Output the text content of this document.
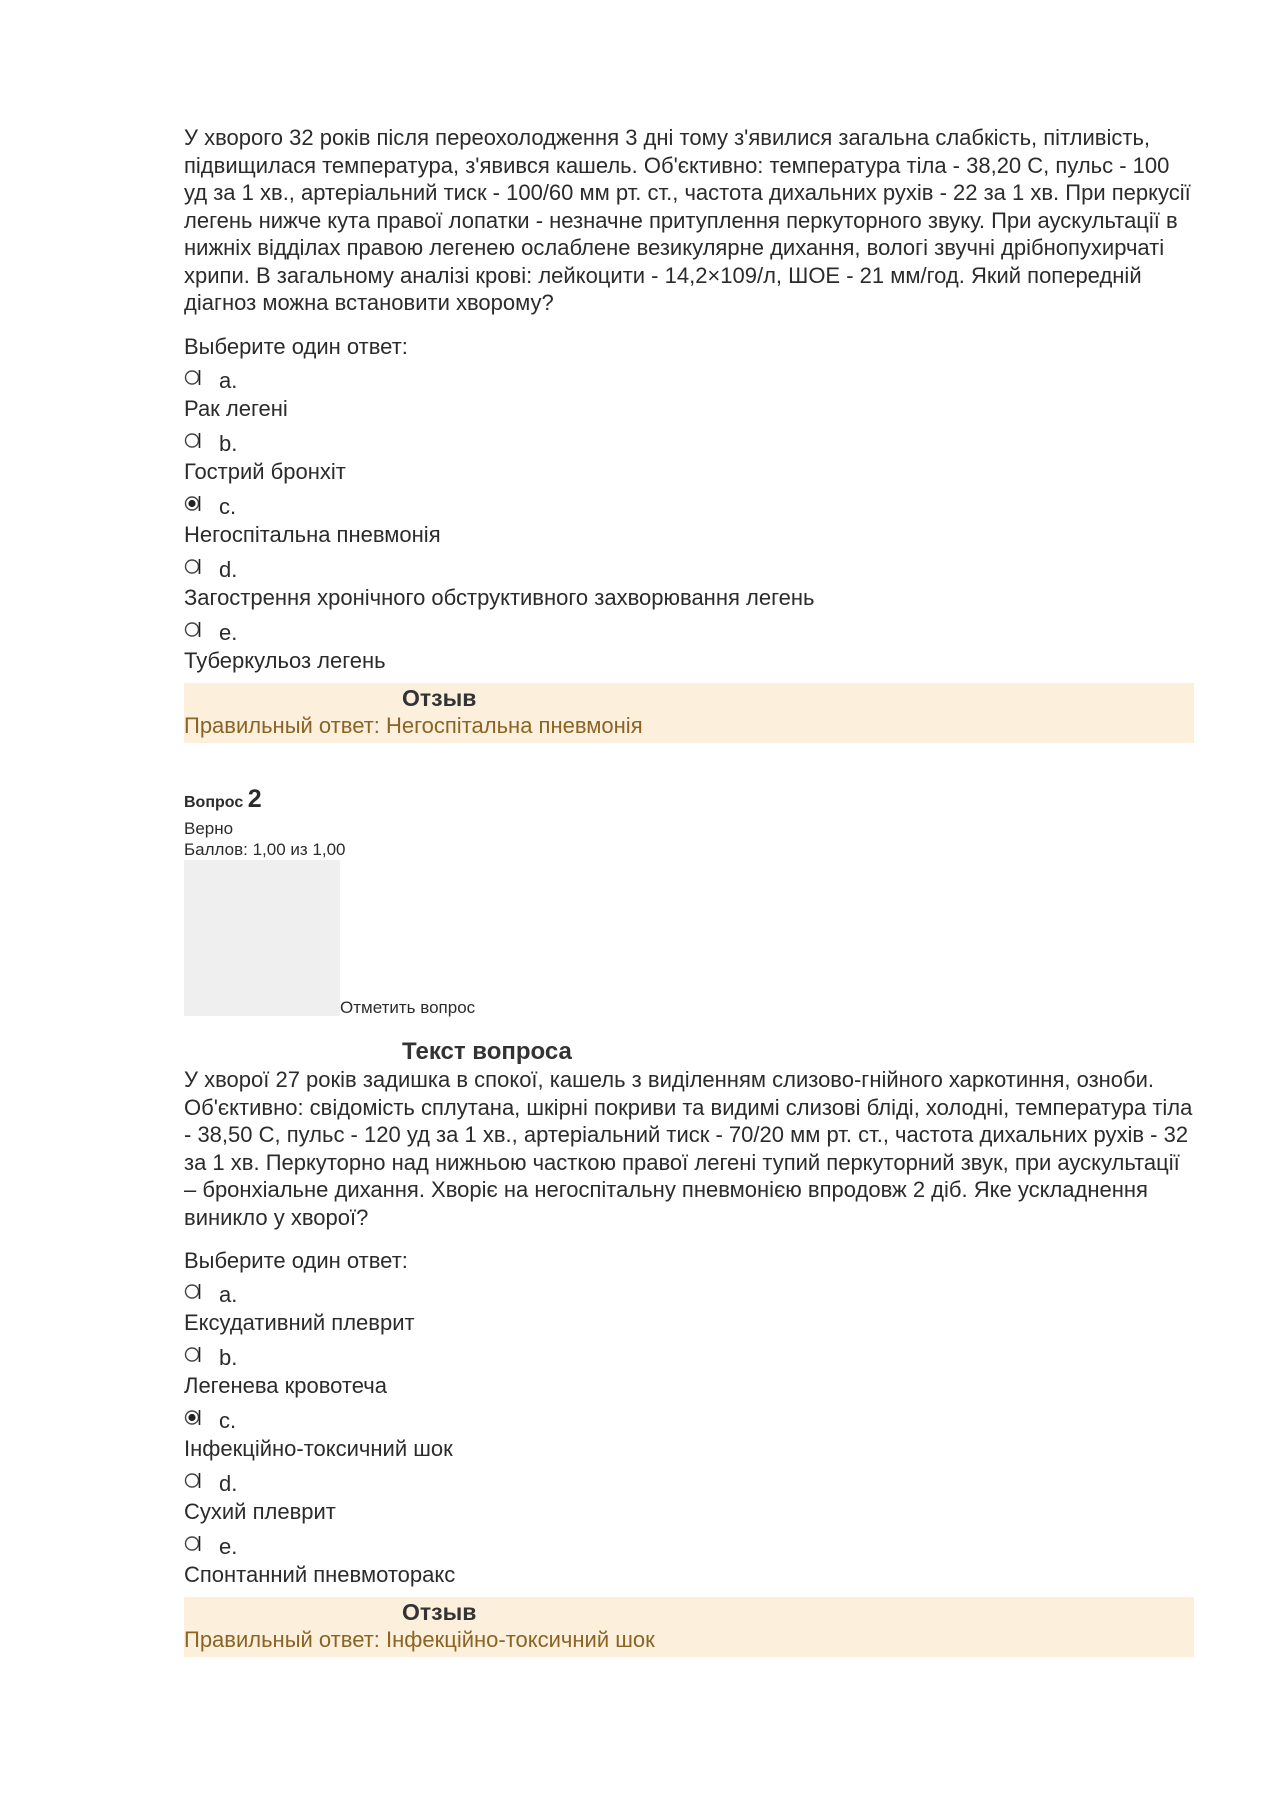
У хворого 32 років після переохолодження 3 дні тому з'явилися загальна слабкість, пітливість, підвищилася температура, з'явився кашель. Об'єктивно: температура тіла - 38,20 С, пульс - 100 уд за 1 хв., артеріальний тиск - 100/60 мм рт. ст., частота дихальних рухів - 22 за 1 хв. При перкусії легень нижче кута правої лопатки - незначне притуплення перкуторного звуку. При аускультації в нижніх відділах правою легенею ослаблене везикулярне дихання, вологі звучні дрібнопухирчаті хрипи. В загальному аналізі крові: лейкоцити - 14,2×109/л, ШОЕ - 21 мм/год. Який попередній діагноз можна встановити хворому?

Выберите один ответ:

a.
Рак легені
b.
Гострий бронхіт
c.
Негоспітальна пневмонія
d.
Загострення хронічного обструктивного захворювання легень
e.
Туберкульоз легень
Отзыв
Правильный ответ: Негоспітальна пневмонія
Вопрос 2
Верно
Баллов: 1,00 из 1,00
Отметить вопрос
Текст вопроса

У хворої 27 років задишка в спокої, кашель з виділенням слизово-гнійного харкотиння, озноби. Об'єктивно: свідомість сплутана, шкірні покриви та видимі слизові бліді, холодні, температура тіла - 38,50 С, пульс - 120 уд за 1 хв., артеріальний тиск - 70/20 мм рт. ст., частота дихальних рухів - 32 за 1 хв. Перкуторно над нижньою часткою правої легені тупий перкуторний звук, при аускультації – бронхіальне дихання. Хворіє на негоспітальну пневмонією впродовж 2 діб. Яке ускладнення виникло у хворої?

Выберите один ответ:

a.
Ексудативний плеврит
b.
Легенева кровотеча
c.
Інфекційно-токсичний шок
d.
Сухий плеврит
e.
Спонтанний пневмоторакс
Отзыв
Правильный ответ: Інфекційно-токсичний шок
